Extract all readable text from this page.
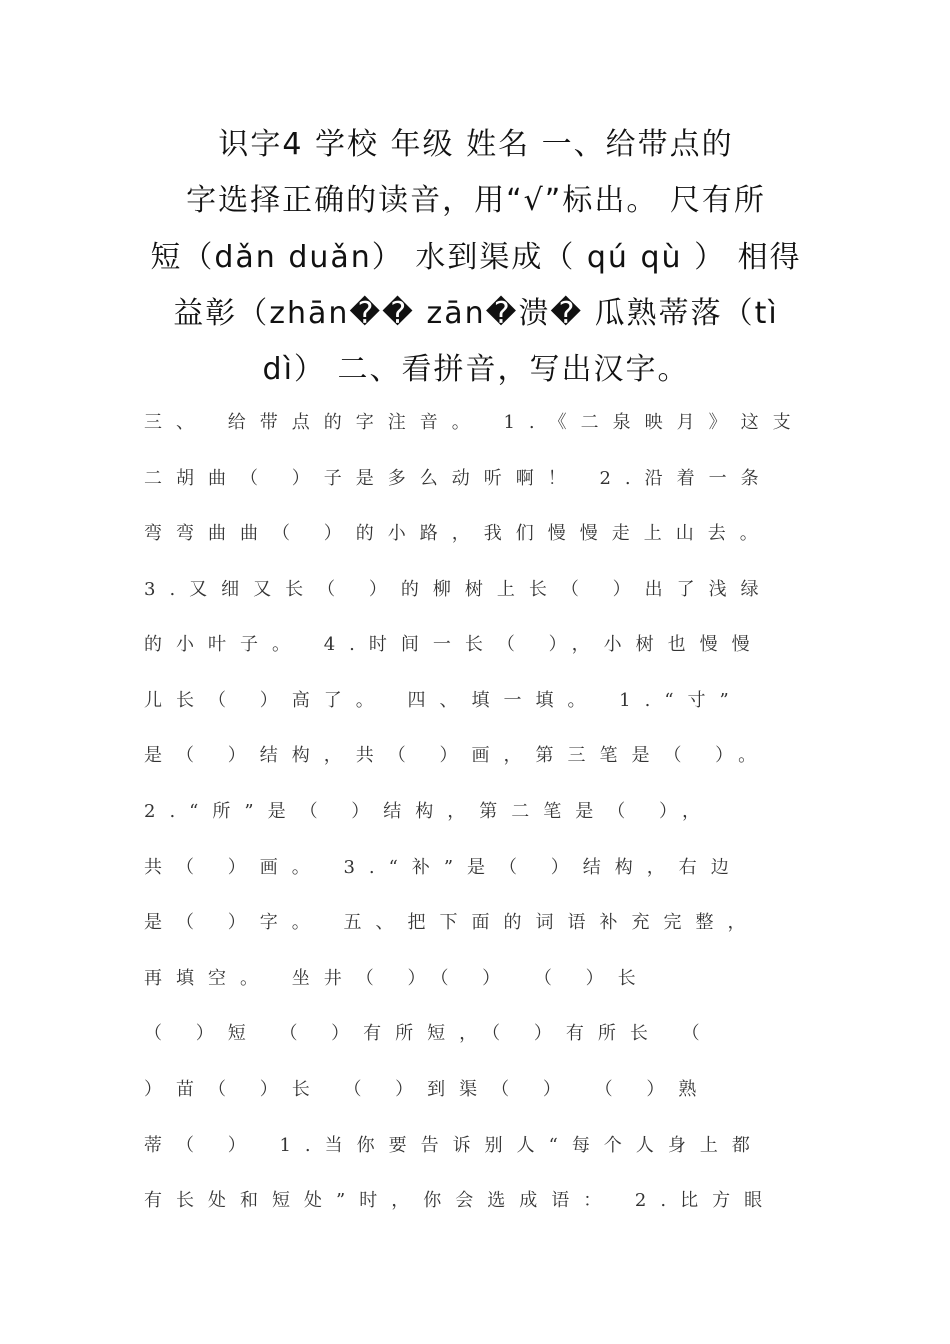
识字4 学校 年级 姓名 一、给带点的
字选择正确的读音，用“√”标出。 尺有所
短（dǎn duǎn） 水到渠成（ qú qù ） 相得
益彰（zhān�� zān�溃� 瓜熟蒂落（tì
dì） 二、看拼音，写出汉字。
三、 给带点的字注音。 1.《二泉映月》这支
二胡曲（ ）子是多么动听啊！ 2.沿着一条
弯弯曲曲（ ）的小路，我们慢慢走上山去。
3.又细又长（ ）的柳树上长（ ）出了浅绿
的小叶子。 4.时间一长（ ），小树也慢慢
儿长（ ）高了。 四、填一填。 1.“寸”
是（ ）结构，共（ ）画，第三笔是（ ）。
2.“所”是（ ）结构，第二笔是（ ），
共（ ）画。 3.“补”是（ ）结构，右边
是（ ）字。 五、把下面的词语补充完整，
再填空。 坐井（ ）（ ） （ ）长
（ ）短 （ ）有所短，（ ）有所长 （
）苗（ ）长 （ ）到渠（ ） （ ）熟
蒂（ ） 1.当你要告诉别人“每个人身上都
有长处和短处”时，你会选成语： 2.比方眼
